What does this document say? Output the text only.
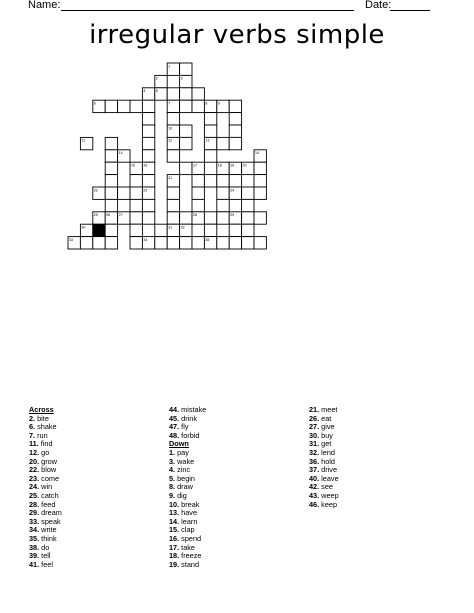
Name:	Date:
irregular verbs simple
1
2	3
4	5
6	7	8	9
10
11	12	13
14	14
15 16	17	18 19 20
21
22	23	24
25 26 27	28	29
30	31 32
33	34	35
Across
2. bite
6. shake
7. run
11. find
12. go
20. grow
22. blow
23. come
24. win
25. catch
28. feed
29. dream
33. speak
34. write
35. think
38. do
39. tell
41. feel
44. mistake
45. drink
47. fly
48. forbid
Down
1. pay
3. wake
4. zinc
5. begin
8. draw
9. dig
10. break
13. have
14. learn
15. clap
16. spend
17. take
18. freeze
19. stand
21. meet
26. eat
27. give
30. buy
31. get
32. lend
36. hold
37. drive
40. leave
42. see
43. weep
46. keep
